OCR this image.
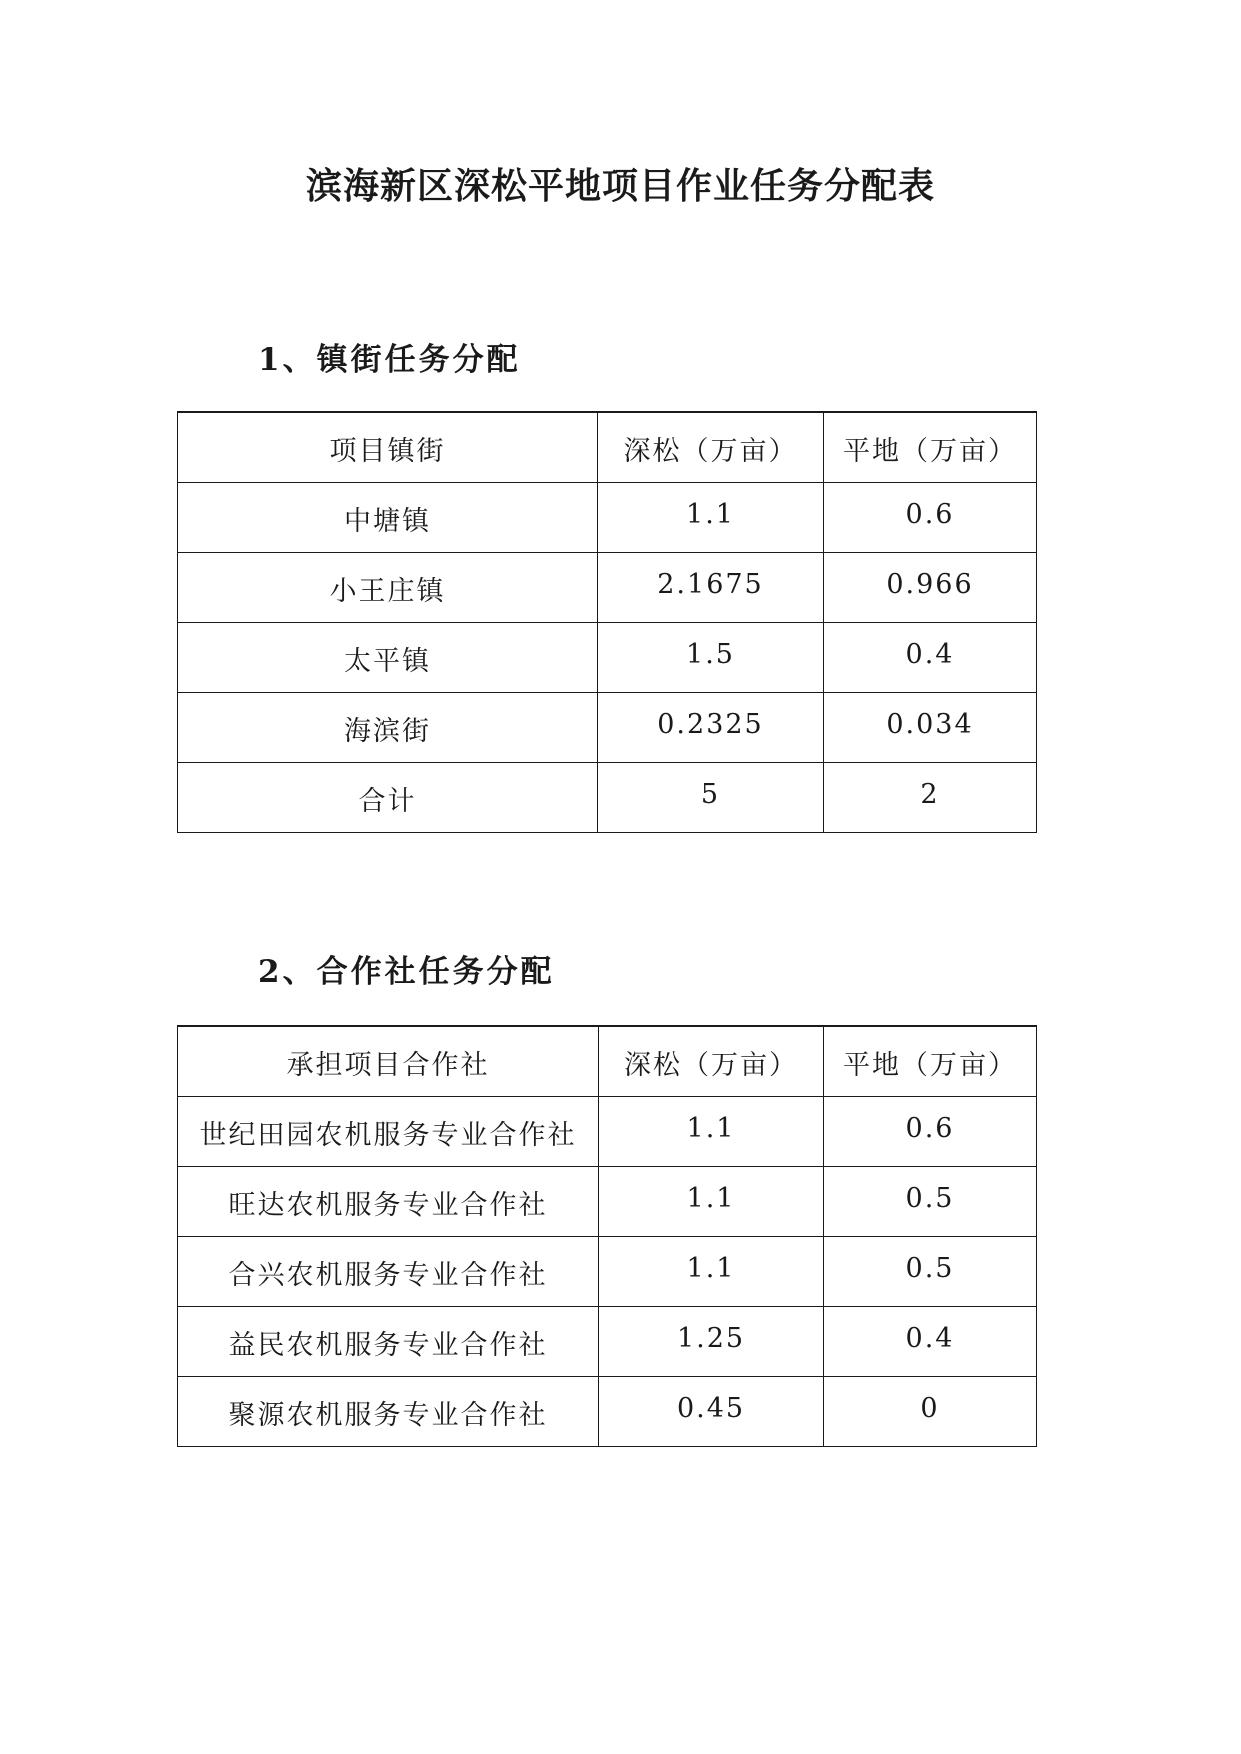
滨海新区深松平地项目作业任务分配表
1、镇街任务分配
项目镇街	深松（万亩）	平地（万亩）
中塘镇	1.1	0.6
小王庄镇	2.1675	0.966
太平镇	1.5	0.4
海滨街	0.2325	0.034
合计	5	2
2、合作社任务分配
承担项目合作社	深松（万亩）	平地（万亩）
世纪田园农机服务专业合作社	1.1	0.6
旺达农机服务专业合作社	1.1	0.5
合兴农机服务专业合作社	1.1	0.5
益民农机服务专业合作社	1.25	0.4
聚源农机服务专业合作社	0.45	0
